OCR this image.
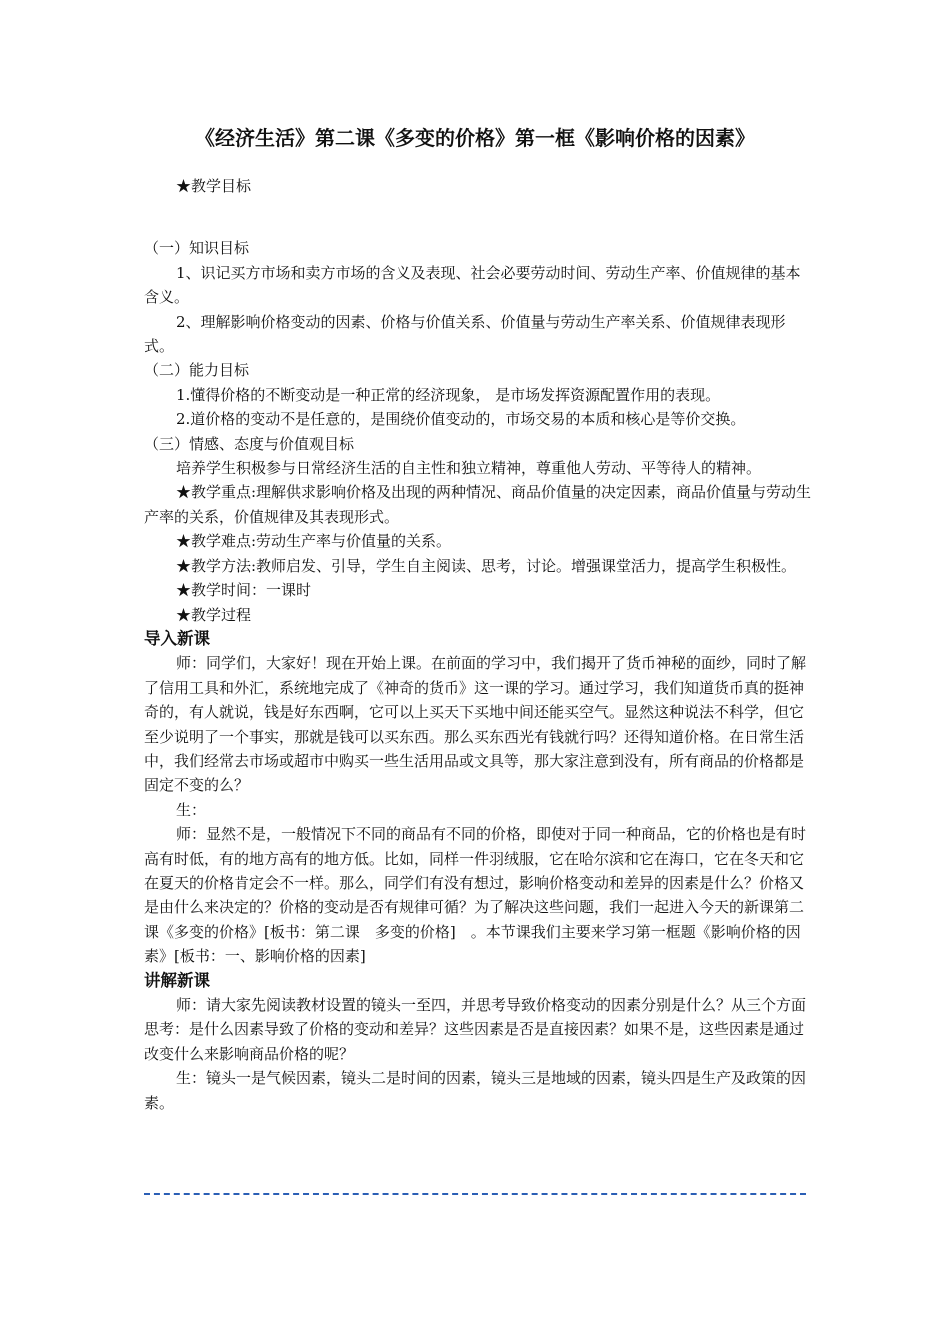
《经济生活》第二课《多变的价格》第一框《影响价格的因素》

★教学目标

（一）知识目标

1、识记买方市场和卖方市场的含义及表现、社会必要劳动时间、劳动生产率、价值规律的基本含义。

2、理解影响价格变动的因素、价格与价值关系、价值量与劳动生产率关系、价值规律表现形式。

（二）能力目标

1.懂得价格的不断变动是一种正常的经济现象， 是市场发挥资源配置作用的表现。

2.道价格的变动不是任意的，是围绕价值变动的，市场交易的本质和核心是等价交换。

（三）情感、态度与价值观目标

培养学生积极参与日常经济生活的自主性和独立精神，尊重他人劳动、平等待人的精神。

★教学重点:理解供求影响价格及出现的两种情况、商品价值量的决定因素，商品价值量与劳动生产率的关系，价值规律及其表现形式。

★教学难点:劳动生产率与价值量的关系。

★教学方法:教师启发、引导，学生自主阅读、思考，讨论。增强课堂活力，提高学生积极性。

★教学时间：一课时

★教学过程

导入新课

师：同学们，大家好！现在开始上课。在前面的学习中，我们揭开了货币神秘的面纱，同时了解了信用工具和外汇，系统地完成了《神奇的货币》这一课的学习。通过学习，我们知道货币真的挺神奇的，有人就说，钱是好东西啊，它可以上买天下买地中间还能买空气。显然这种说法不科学，但它至少说明了一个事实，那就是钱可以买东西。那么买东西光有钱就行吗？还得知道价格。在日常生活中，我们经常去市场或超市中购买一些生活用品或文具等，那大家注意到没有，所有商品的价格都是固定不变的么？

生：

师：显然不是，一般情况下不同的商品有不同的价格，即使对于同一种商品，它的价格也是有时高有时低，有的地方高有的地方低。比如，同样一件羽绒服，它在哈尔滨和它在海口，它在冬天和它在夏天的价格肯定会不一样。那么，同学们有没有想过，影响价格变动和差异的因素是什么？价格又是由什么来决定的？价格的变动是否有规律可循？为了解决这些问题，我们一起进入今天的新课第二课《多变的价格》[板书：第二课　多变的价格]　。本节课我们主要来学习第一框题《影响价格的因素》[板书：一、影响价格的因素]

讲解新课

师：请大家先阅读教材设置的镜头一至四，并思考导致价格变动的因素分别是什么？从三个方面思考：是什么因素导致了价格的变动和差异？这些因素是否是直接因素？如果不是，这些因素是通过改变什么来影响商品价格的呢？

生：镜头一是气候因素，镜头二是时间的因素，镜头三是地域的因素，镜头四是生产及政策的因素。
